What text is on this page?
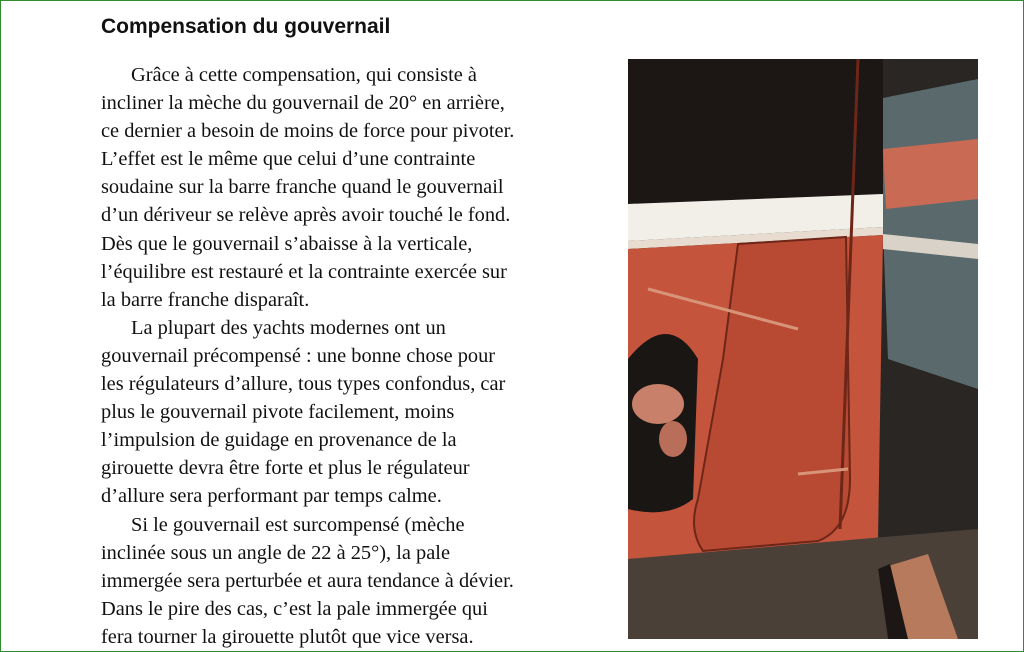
Compensation du gouvernail
Grâce à cette compensation, qui consiste à
incliner la mèche du gouvernail de 20° en arrière,
ce dernier a besoin de moins de force pour pivoter.
L’effet est le même que celui d’une contrainte
soudaine sur la barre franche quand le gouvernail
d’un dériveur se relève après avoir touché le fond.
Dès que le gouvernail s’abaisse à la verticale,
l’équilibre est restauré et la contrainte exercée sur
la barre franche disparaît.
La plupart des yachts modernes ont un
gouvernail précompensé : une bonne chose pour
les régulateurs d’allure, tous types confondus, car
plus le gouvernail pivote facilement, moins
l’impulsion de guidage en provenance de la
girouette devra être forte et plus le régulateur
d’allure sera performant par temps calme.
Si le gouvernail est surcompensé (mèche
inclinée sous un angle de 22 à 25°), la pale
immergée sera perturbée et aura tendance à dévier.
Dans le pire des cas, c’est la pale immergée qui
fera tourner la girouette plutôt que vice versa.
